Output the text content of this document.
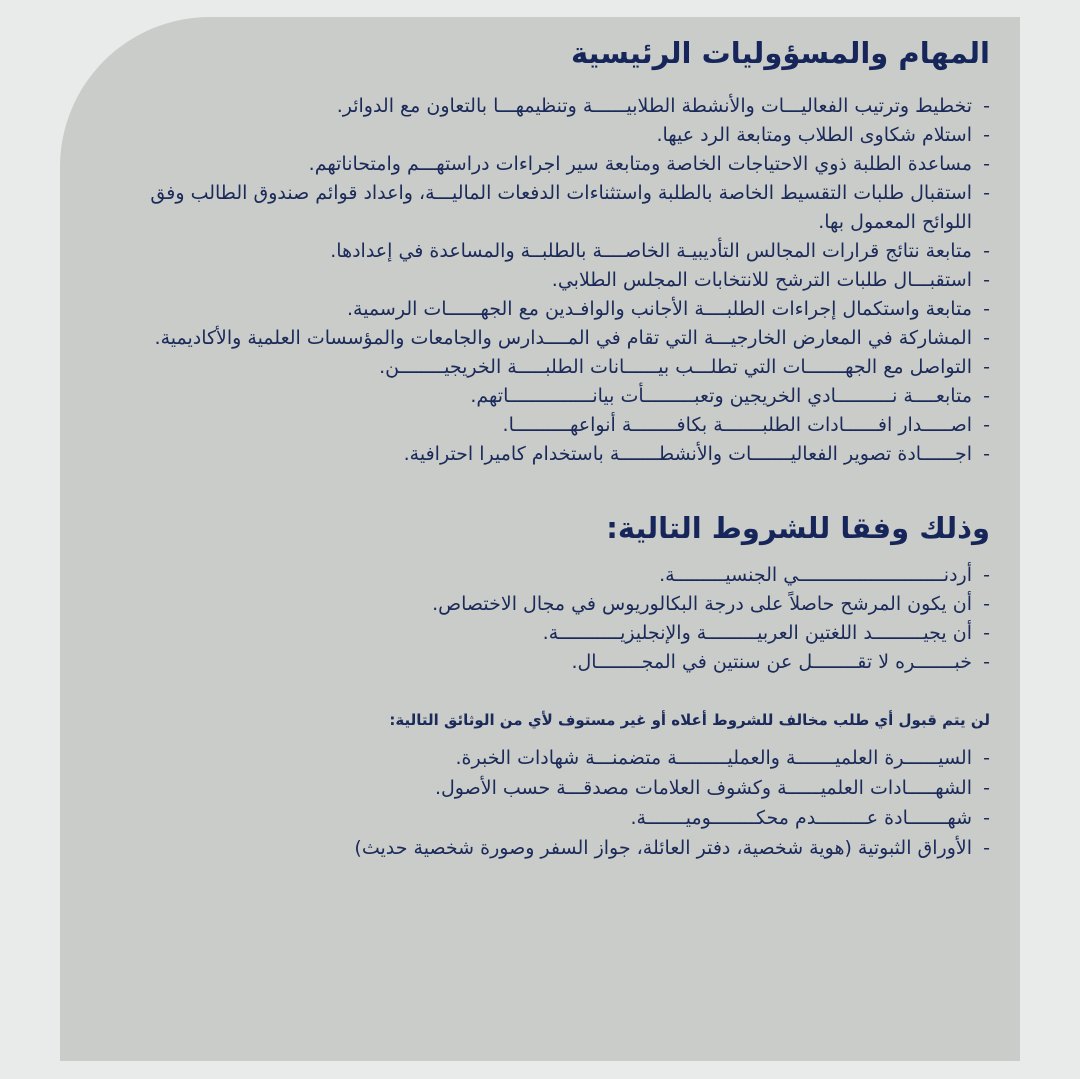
المهام والمسؤوليات الرئيسية
- تخطيط وترتيب الفعاليـــات والأنشطة الطلابيــــــة وتنظيمهـــا بالتعاون مع الدوائر.
- استلام شكاوى الطلاب ومتابعة الرد عيها.
- مساعدة الطلبة ذوي الاحتياجات الخاصة ومتابعة سير اجراءات دراستهـــم وامتحاناتهم.
- استقبال طلبات التقسيط الخاصة بالطلبة واستثناءات الدفعات الماليـــة، واعداد قوائم صندوق الطالب وفق اللوائح المعمول بها.
- متابعة نتائج قرارات المجالس التأديبيـة الخاصــــة بالطلبــة والمساعدة في إعدادها.
- استقبـــال طلبات الترشح للانتخابات المجلس الطلابي.
- متابعة واستكمال إجراءات الطلبــــة الأجانب والوافـدين مع الجهــــــات الرسمية.
- المشاركة في المعارض الخارجيـــة التي تقام في المــــدارس والجامعات والمؤسسات العلمية والأكاديمية.
- التواصل مع الجهـــــــات التي تطلـــب بيــــــانات الطلبـــــة الخريجيــــــــن.
- متابعــــة نــــــــــادي الخريجين وتعبـــــــــأت بيانـــــــــــــــاتهم.
- اصـــــدار افــــــادات الطلبـــــــة بكافــــــــة أنواعهــــــــــا.
- اجــــــادة تصوير الفعاليـــــــات والأنشطـــــــة باستخدام كاميرا احترافية.
وذلك وفقا للشروط التالية:
- أردنــــــــــــــــــــــــــي الجنسيـــــــــة.
- أن يكون المرشح حاصلاً على درجة البكالوريوس في مجال الاختصاص.
- أن يجيـــــــــد اللغتين العربيـــــــــة والإنجليزيـــــــــــة.
- خبـــــــره لا تقــــــــل عن سنتين في المجــــــــال.

لن يتم قبول أي طلب مخالف للشروط أعلاه أو غير مستوف لأي من الوثائق التالية:

- السيــــــرة العلميـــــــة والعمليـــــــــة متضمنـــة شهادات الخبرة.
- الشهـــــادات العلميــــــة وكشوف العلامات مصدقـــة حسب الأصول.
- شهـــــــادة عـــــــــدم محكــــــــوميـــــــة.
- الأوراق الثبوتية (هوية شخصية، دفتر العائلة، جواز السفر وصورة شخصية حديث)
